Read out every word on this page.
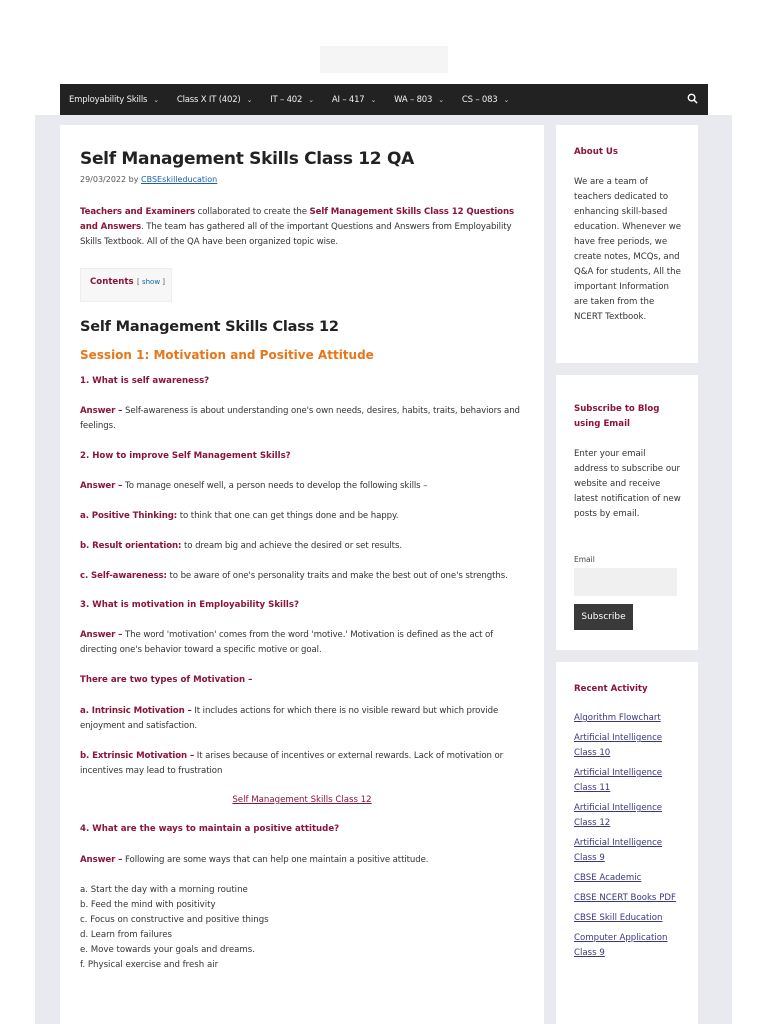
Employability Skills ⌄ Class X IT (402) ⌄ IT – 402 ⌄ AI – 417 ⌄ WA – 803 ⌄ CS – 083 ⌄
Self Management Skills Class 12 QA
29/03/2022 by CBSEskilleducation

Teachers and Examiners collaborated to create the Self Management Skills Class 12 Questions and Answers. The team has gathered all of the important Questions and Answers from Employability Skills Textbook. All of the QA have been organized topic wise.

Contents [ show ]
Self Management Skills Class 12
Session 1: Motivation and Positive Attitude
1. What is self awareness?

Answer – Self-awareness is about understanding one's own needs, desires, habits, traits, behaviors and feelings.

2. How to improve Self Management Skills?

Answer – To manage oneself well, a person needs to develop the following skills –

a. Positive Thinking: to think that one can get things done and be happy.

b. Result orientation: to dream big and achieve the desired or set results.

c. Self-awareness: to be aware of one's personality traits and make the best out of one's strengths.

3. What is motivation in Employability Skills?

Answer – The word 'motivation' comes from the word 'motive.' Motivation is defined as the act of directing one's behavior toward a specific motive or goal.

There are two types of Motivation –

a. Intrinsic Motivation – It includes actions for which there is no visible reward but which provide enjoyment and satisfaction.

b. Extrinsic Motivation – It arises because of incentives or external rewards. Lack of motivation or incentives may lead to frustration

Self Management Skills Class 12
4. What are the ways to maintain a positive attitude?

Answer – Following are some ways that can help one maintain a positive attitude.

a. Start the day with a morning routine
b. Feed the mind with positivity
c. Focus on constructive and positive things
d. Learn from failures
e. Move towards your goals and dreams.
f. Physical exercise and fresh air
About Us

We are a team of teachers dedicated to enhancing skill-based education. Whenever we have free periods, we create notes, MCQs, and Q&A for students, All the important Information are taken from the NCERT Textbook.

Subscribe to Blog using Email

Enter your email address to subscribe our website and receive latest notification of new posts by email.

Email
Subscribe
Recent Activity
Algorithm Flowchart
Artificial Intelligence Class 10
Artificial Intelligence Class 11
Artificial Intelligence Class 12
Artificial Intelligence Class 9
CBSE Academic
CBSE NCERT Books PDF
CBSE Skill Education
Computer Application Class 9
